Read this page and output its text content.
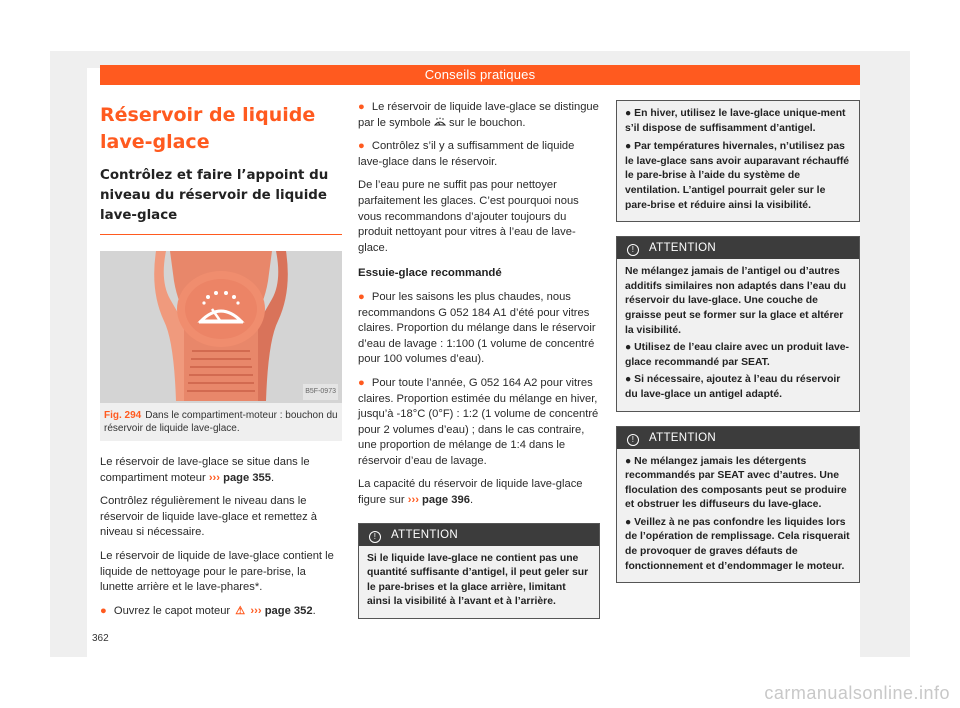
Conseils pratiques
Réservoir de liquide lave-glace
Contrôlez et faire l’appoint du niveau du réservoir de liquide lave-glace
B5F-0973
Fig. 294 Dans le compartiment-moteur : bouchon du réservoir de liquide lave-glace.

Le réservoir de lave-glace se situe dans le compartiment moteur ››› page 355.

Contrôlez régulièrement le niveau dans le réservoir de liquide lave-glace et remettez à niveau si nécessaire.

Le réservoir de liquide de lave-glace contient le liquide de nettoyage pour le pare-brise, la lunette arrière et le lave-phares*.

● Ouvrez le capot moteur ⚠ ››› page 352.
● Le réservoir de liquide lave-glace se distingue par le symbole sur le bouchon.
● Contrôlez s’il y a suffisamment de liquide lave-glace dans le réservoir.

De l’eau pure ne suffit pas pour nettoyer parfaitement les glaces. C’est pourquoi nous vous recommandons d’ajouter toujours du produit nettoyant pour vitres à l’eau de lave-glace.

Essuie-glace recommandé
● Pour les saisons les plus chaudes, nous recommandons G 052 184 A1 d’été pour vitres claires. Proportion du mélange dans le réservoir d’eau de lavage : 1:100 (1 volume de concentré pour 100 volumes d’eau).
● Pour toute l’année, G 052 164 A2 pour vitres claires. Proportion estimée du mélange en hiver, jusqu’à -18°C (0°F) : 1:2 (1 volume de concentré pour 2 volumes d’eau) ; dans le cas contraire, une proportion de mélange de 1:4 dans le réservoir d’eau de lavage.

La capacité du réservoir de liquide lave-glace figure sur ››› page 396.

! ATTENTION
Si le liquide lave-glace ne contient pas une quantité suffisante d’antigel, il peut geler sur le pare-brises et la glace arrière, limitant ainsi la visibilité à l’avant et à l’arrière.
● En hiver, utilisez le lave-glace unique-ment s’il dispose de suffisamment d’antigel.
● Par températures hivernales, n’utilisez pas le lave-glace sans avoir auparavant réchauffé le pare-brise à l’aide du système de ventilation. L’antigel pourrait geler sur le pare-brise et réduire ainsi la visibilité.
! ATTENTION
Ne mélangez jamais de l’antigel ou d’autres additifs similaires non adaptés dans l’eau du réservoir du lave-glace. Une couche de graisse peut se former sur la glace et altérer la visibilité.
● Utilisez de l’eau claire avec un produit lave-glace recommandé par SEAT.
● Si nécessaire, ajoutez à l’eau du réservoir du lave-glace un antigel adapté.
! ATTENTION
● Ne mélangez jamais les détergents recommandés par SEAT avec d’autres. Une floculation des composants peut se produire et obstruer les diffuseurs du lave-glace.
● Veillez à ne pas confondre les liquides lors de l’opération de remplissage. Cela risquerait de provoquer de graves défauts de fonctionnement et d’endommager le moteur.
362
carmanualsonline.info
